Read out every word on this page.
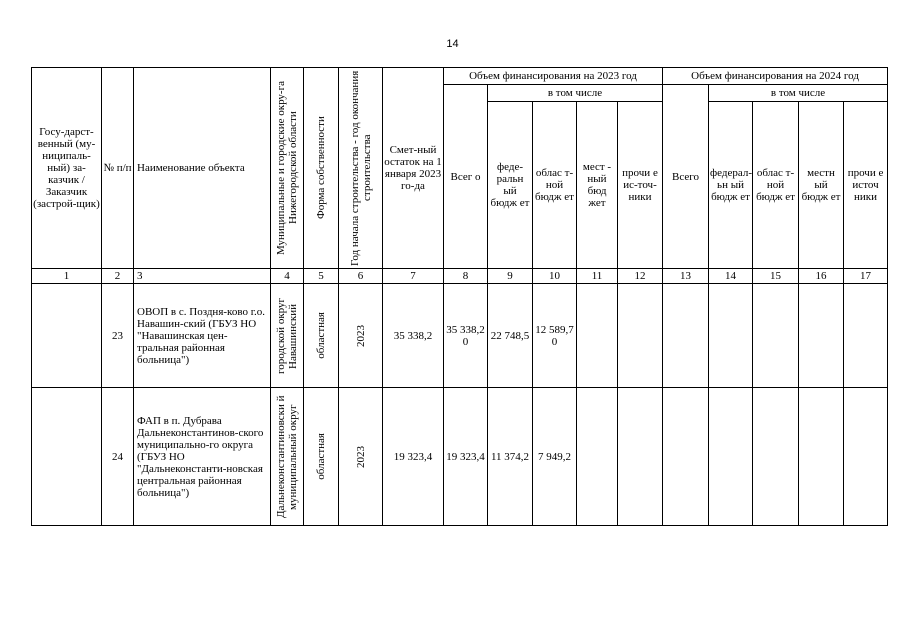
14
Госу-дарст-венный (му-ниципаль-ный) за-казчик / Заказчик (застрой-щик)	№ п/п	Наименование объекта	Муниципальные и городские окру-га Нижегородской области	Форма собственности	Год начала строительства - год окончания строительства	Смет-ный остаток на 1 января 2023 го-да	Объем финансирования на 2023 год					Объем финансирования на 2024 год				

							Всег о	в том числе				Всего	в том числе			

								феде-ральн ый бюдж ет	облас т-ной бюдж ет	мест - ный бюд жет	прочи е ис-точ-ники		федерал-ьн ый бюдж ет	облас т-ной бюдж ет	местн ый бюдж ет	прочи е источ ники

1	2	3	4	5	6	7	8	9	10	11	12	13	14	15	16	17
	23	ОВОП в с. Поздня-ково г.о. Навашин-ский (ГБУЗ НО "Навашинская цен-тральная районная больница")	городской округ Навашинский	областная	2023	35 338,2	35 338,2 0	22 748,5	12 589,7 0							

	24	ФАП в п. Дубрава Дальнеконстантинов-ского муниципально-го округа (ГБУЗ НО "Дальнеконстанти-новская центральная районная больница")	Дальнеконстантиновски й муниципальный округ	областная	2023	19 323,4	19 323,4	11 374,2	7 949,2							
